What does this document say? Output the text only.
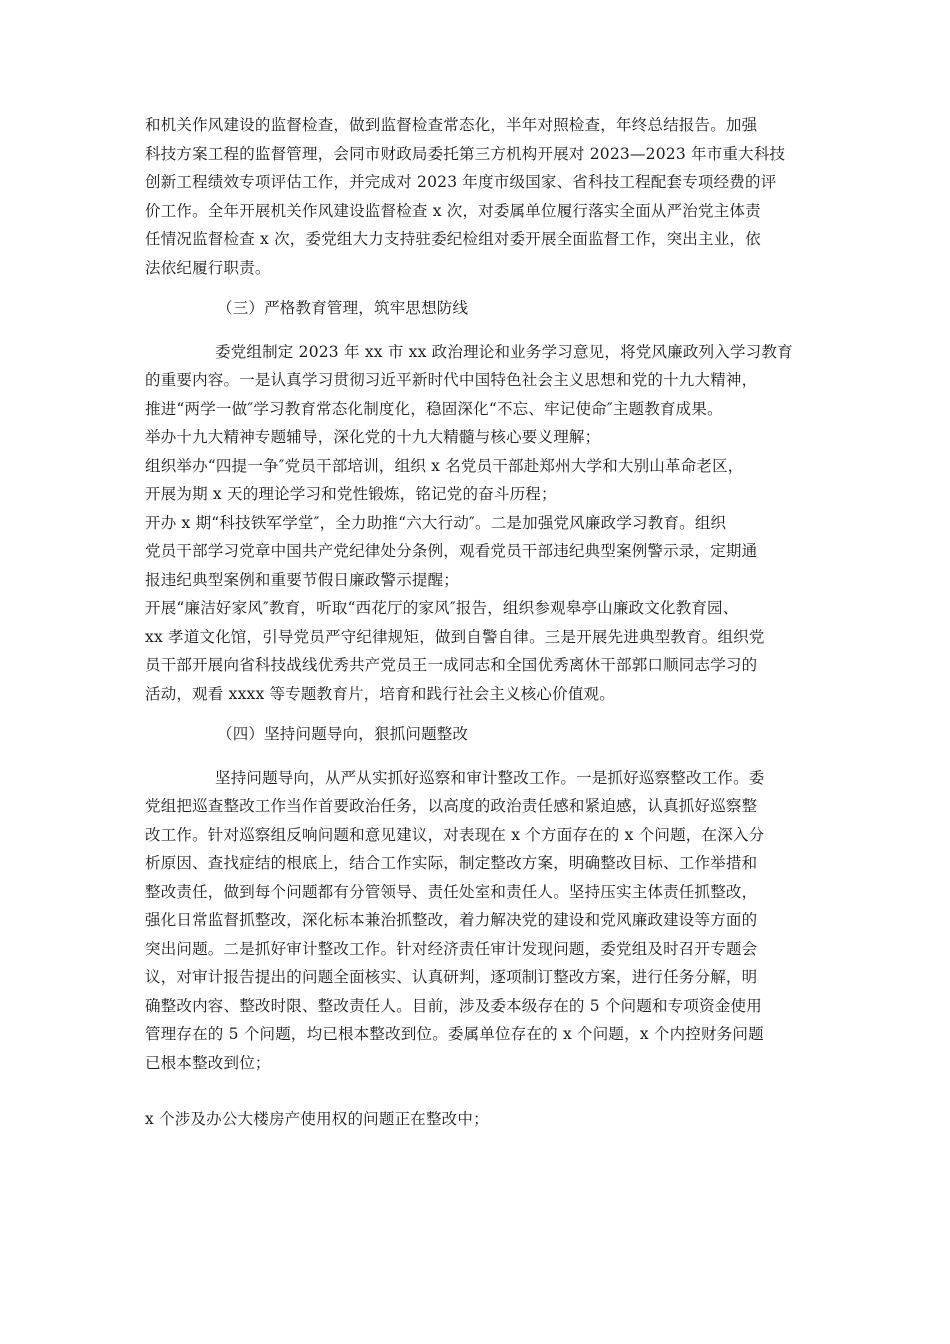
和机关作风建设的监督检查，做到监督检查常态化，半年对照检查，年终总结报告。加强
科技方案工程的监督管理，会同市财政局委托第三方机构开展对 2023—2023 年市重大科技
创新工程绩效专项评估工作，并完成对 2023 年度市级国家、省科技工程配套专项经费的评
价工作。全年开展机关作风建设监督检查 x 次，对委属单位履行落实全面从严治党主体责
任情况监督检查 x 次，委党组大力支持驻委纪检组对委开展全面监督工作，突出主业，依
法依纪履行职责。
（三）严格教育管理，筑牢思想防线
委党组制定 2023 年 xx 市 xx 政治理论和业务学习意见，将党风廉政列入学习教育
的重要内容。一是认真学习贯彻习近平新时代中国特色社会主义思想和党的十九大精神，
推进“两学一做″学习教育常态化制度化，稳固深化“不忘、牢记使命″主题教育成果。
举办十九大精神专题辅导，深化党的十九大精髓与核心要义理解；
组织举办“四提一争″党员干部培训，组织 x 名党员干部赴郑州大学和大别山革命老区，
开展为期 x 天的理论学习和党性锻炼，铭记党的奋斗历程；
开办 x 期“科技铁军学堂″，全力助推“六大行动″。二是加强党风廉政学习教育。组织
党员干部学习党章中国共产党纪律处分条例，观看党员干部违纪典型案例警示录，定期通
报违纪典型案例和重要节假日廉政警示提醒；
开展“廉洁好家风″教育，听取“西花厅的家风″报告，组织参观皋亭山廉政文化教育园、
xx 孝道文化馆，引导党员严守纪律规矩，做到自警自律。三是开展先进典型教育。组织党
员干部开展向省科技战线优秀共产党员王一成同志和全国优秀离休干部郭口顺同志学习的
活动，观看 xxxx 等专题教育片，培育和践行社会主义核心价值观。
（四）坚持问题导向，狠抓问题整改
坚持问题导向，从严从实抓好巡察和审计整改工作。一是抓好巡察整改工作。委
党组把巡查整改工作当作首要政治任务，以高度的政治责任感和紧迫感，认真抓好巡察整
改工作。针对巡察组反响问题和意见建议，对表现在 x 个方面存在的 x 个问题，在深入分
析原因、查找症结的根底上，结合工作实际，制定整改方案，明确整改目标、工作举措和
整改责任，做到每个问题都有分管领导、责任处室和责任人。坚持压实主体责任抓整改，
强化日常监督抓整改，深化标本兼治抓整改，着力解决党的建设和党风廉政建设等方面的
突出问题。二是抓好审计整改工作。针对经济责任审计发现问题，委党组及时召开专题会
议，对审计报告提出的问题全面核实、认真研判，逐项制订整改方案，进行任务分解，明
确整改内容、整改时限、整改责任人。目前，涉及委本级存在的 5 个问题和专项资金使用
管理存在的 5 个问题，均已根本整改到位。委属单位存在的 x 个问题，x 个内控财务问题
已根本整改到位；
x 个涉及办公大楼房产使用权的问题正在整改中；
